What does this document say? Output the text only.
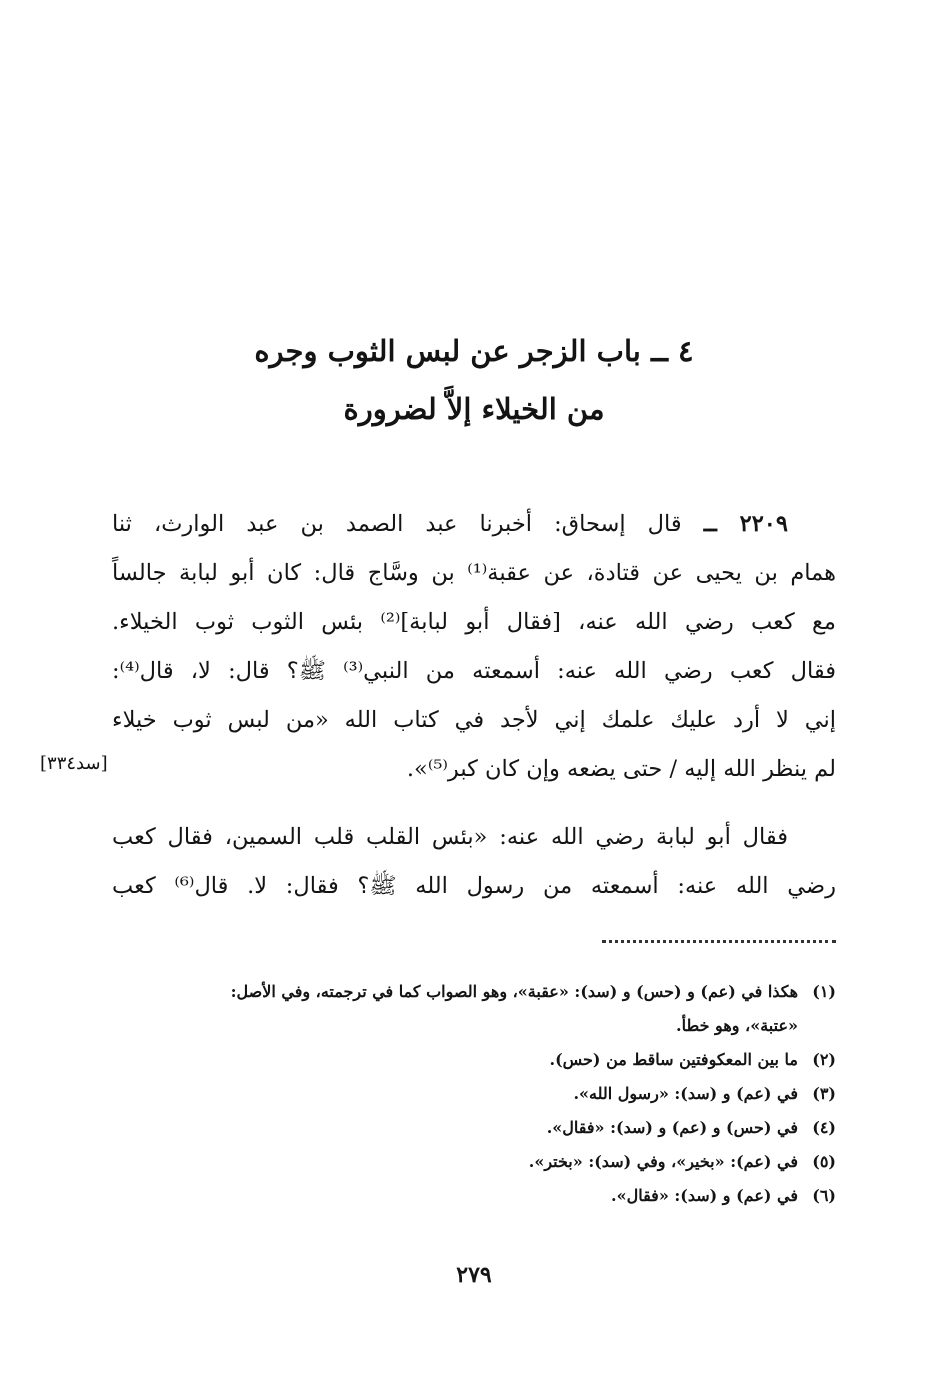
٤ ــ باب الزجر عن لبس الثوب وجره
من الخيلاء إلاَّ لضرورة
٢٢٠٩ ــ قال إسحاق: أخبرنا عبد الصمد بن عبد الوارث، ثنا
همام بن يحيى عن قتادة، عن عقبة⁽¹⁾ بن وسَّاج قال: كان أبو لبابة جالساً
مع كعب رضي الله عنه، [فقال أبو لبابة]⁽²⁾ بئس الثوب ثوب الخيلاء.
فقال كعب رضي الله عنه: أسمعته من النبي⁽³⁾ ﷺ؟ قال: لا، قال⁽⁴⁾:
إني لا أرد عليك علمك إني لأجد في كتاب الله «من لبس ثوب خيلاء
لم ينظر الله إليه / حتى يضعه وإن كان كبر⁽⁵⁾».
[سد٣٣٤]
فقال أبو لبابة رضي الله عنه: «بئس القلب قلب السمين، فقال كعب
رضي الله عنه: أسمعته من رسول الله ﷺ؟ فقال: لا. قال⁽⁶⁾ كعب
(١)هكذا في (عم) و (حس) و (سد): «عقبة»، وهو الصواب كما في ترجمته، وفي الأصل:
«عتبة»، وهو خطأ.
(٢)ما بين المعكوفتين ساقط من (حس).
(٣)في (عم) و (سد): «رسول الله».
(٤)في (حس) و (عم) و (سد): «فقال».
(٥)في (عم): «بخير»، وفي (سد): «بختر».
(٦)في (عم) و (سد): «فقال».
٢٧٩
